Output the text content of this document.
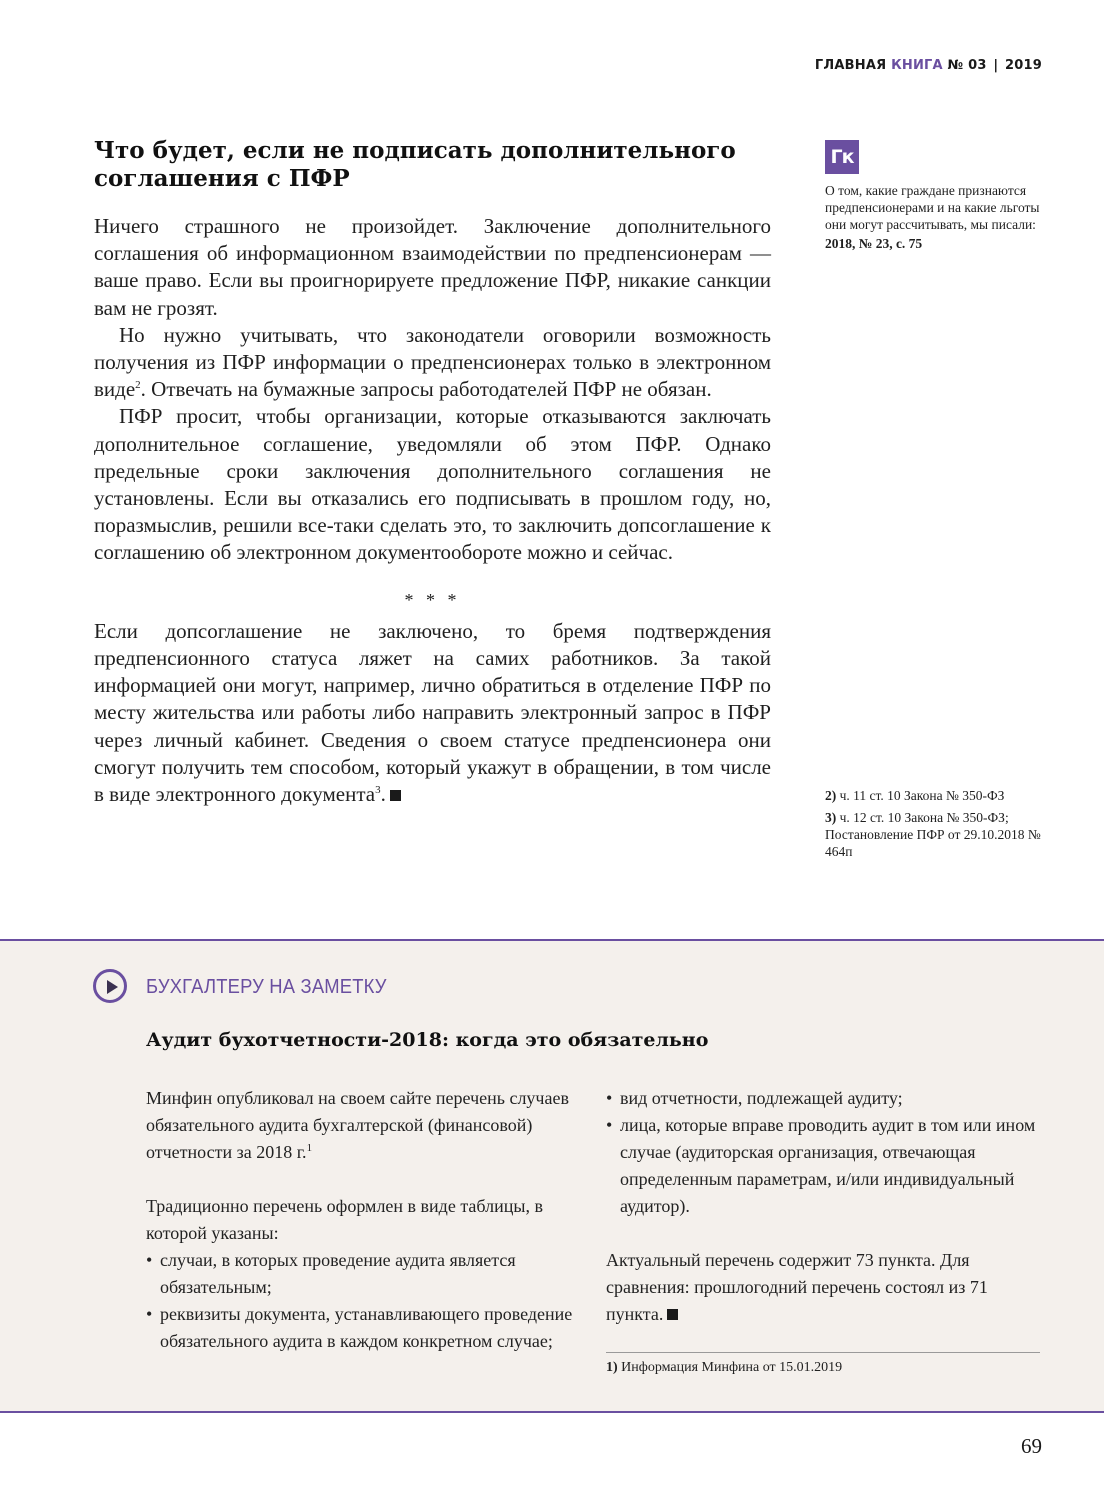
ГЛАВНАЯ КНИГА № 03 | 2019
Что будет, если не подписать дополнительного соглашения с ПФР

Ничего страшного не произойдет. Заключение дополнительного соглашения об информационном взаимодействии по предпенсионерам — ваше право. Если вы проигнорируете предложение ПФР, никакие санкции вам не грозят.

Но нужно учитывать, что законодатели оговорили возможность получения из ПФР информации о предпенсионерах только в электронном виде$^2$. Отвечать на бумажные запросы работодателей ПФР не обязан.

ПФР просит, чтобы организации, которые отказываются заключать дополнительное соглашение, уведомляли об этом ПФР. Однако предельные сроки заключения дополнительного соглашения не установлены. Если вы отказались его подписывать в прошлом году, но, поразмыслив, решили все-таки сделать это, то заключить допсоглашение к соглашению об электронном документообороте можно и сейчас.

* * *

Если допсоглашение не заключено, то бремя подтверждения предпенсионного статуса ляжет на самих работников. За такой информацией они могут, например, лично обратиться в отделение ПФР по месту жительства или работы либо направить электронный запрос в ПФР через личный кабинет. Сведения о своем статусе предпенсионера они смогут получить тем способом, который укажут в обращении, в том числе в виде электронного документа$^3$.

Гк
О том, какие граждане признаются предпенсионерами и на какие льготы они могут рассчитывать, мы писали:
2018, № 23, с. 75
2) ч. 11 ст. 10 Закона № 350-ФЗ
3) ч. 12 ст. 10 Закона № 350-ФЗ; Постановление ПФР от 29.10.2018 № 464п
БУХГАЛТЕРУ НА ЗАМЕТКУ
Аудит бухотчетности-2018: когда это обязательно

Минфин опубликовал на своем сайте перечень случаев обязательного аудита бухгалтерской (финансовой) отчетности за 2018 г.$^1$

Традиционно перечень оформлен в виде таблицы, в которой указаны:

• случаи, в которых проведение аудита является обязательным;
• реквизиты документа, устанавливающего проведение обязательного аудита в каждом конкретном случае;
• вид отчетности, подлежащей аудиту;
• лица, которые вправе проводить аудит в том или ином случае (аудиторская организация, отвечающая определенным параметрам, и/или индивидуальный аудитор).

Актуальный перечень содержит 73 пункта. Для сравнения: прошлогодний перечень состоял из 71 пункта.

1) Информация Минфина от 15.01.2019
69
